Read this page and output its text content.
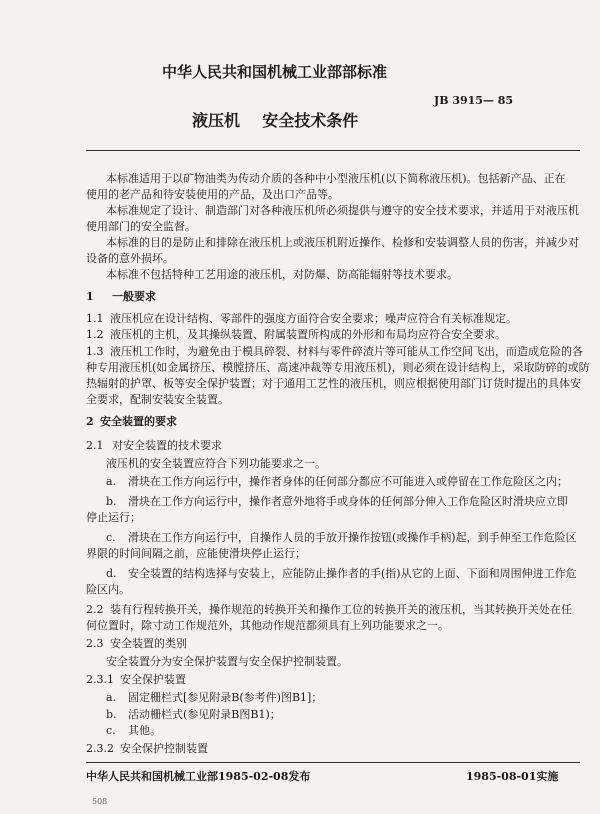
中华人民共和国机械工业部部标准
JB 3915— 85
液压机    安全技术条件
本标准适用于以矿物油类为传动介质的各种中小型液压机(以下简称液压机)。包括新产品、正在
使用的老产品和待安装使用的产品，及出口产品等。
本标准规定了设计、制造部门对各种液压机所必须提供与遵守的安全技术要求，并适用于对液压机
使用部门的安全监督。
本标准的目的是防止和排除在液压机上或液压机附近操作、检修和安装调整人员的伤害，并减少对
设备的意外损坏。
本标准不包括特种工艺用途的液压机，对防爆、防高能辐射等技术要求。
1 一般要求
1.1 液压机应在设计结构、零部件的强度方面符合安全要求；噪声应符合有关标准规定。
1.2 液压机的主机，及其操纵装置、附属装置所构成的外形和布局均应符合安全要求。
1.3 液压机工作时，为避免由于模具碎裂、材料与零件碎渣片等可能从工作空间飞出，而造成危险的各
种专用液压机(如金属挤压、模膛挤压、高速冲裁等专用液压机)，则必须在设计结构上，采取防碎的或防
热辐射的护罩、板等安全保护装置；对于通用工艺性的液压机，则应根据使用部门订货时提出的具体安
全要求，配制安装安全装置。
2 安全装置的要求
2.1 对安全装置的技术要求
液压机的安全装置应符合下列功能要求之一。
a. 滑块在工作方向运行中，操作者身体的任何部分都应不可能进入或停留在工作危险区之内；
b. 滑块在工作方向运行中，操作者意外地将手或身体的任何部分伸入工作危险区时滑块应立即
停止运行；
c. 滑块在工作方向运行中，自操作人员的手放开操作按钮(或操作手柄)起，到手伸至工作危险区
界限的时间间隔之前，应能使滑块停止运行；
d. 安全装置的结构选择与安装上，应能防止操作者的手(指)从它的上面、下面和周围伸进工作危
险区内。
2.2 装有行程转换开关，操作规范的转换开关和操作工位的转换开关的液压机，当其转换开关处在任
何位置时，除寸动工作规范外，其他动作规范都须具有上列功能要求之一。
2.3 安全装置的类别
安全装置分为安全保护装置与安全保护控制装置。
2.3.1 安全保护装置
a. 固定栅栏式[参见附录B(参考件)图B1]；
b. 活动栅栏式(参见附录B图B1)；
c. 其他。
2.3.2 安全保护控制装置
中华人民共和国机械工业部1985-02-08发布	1985-08-01实施
508
